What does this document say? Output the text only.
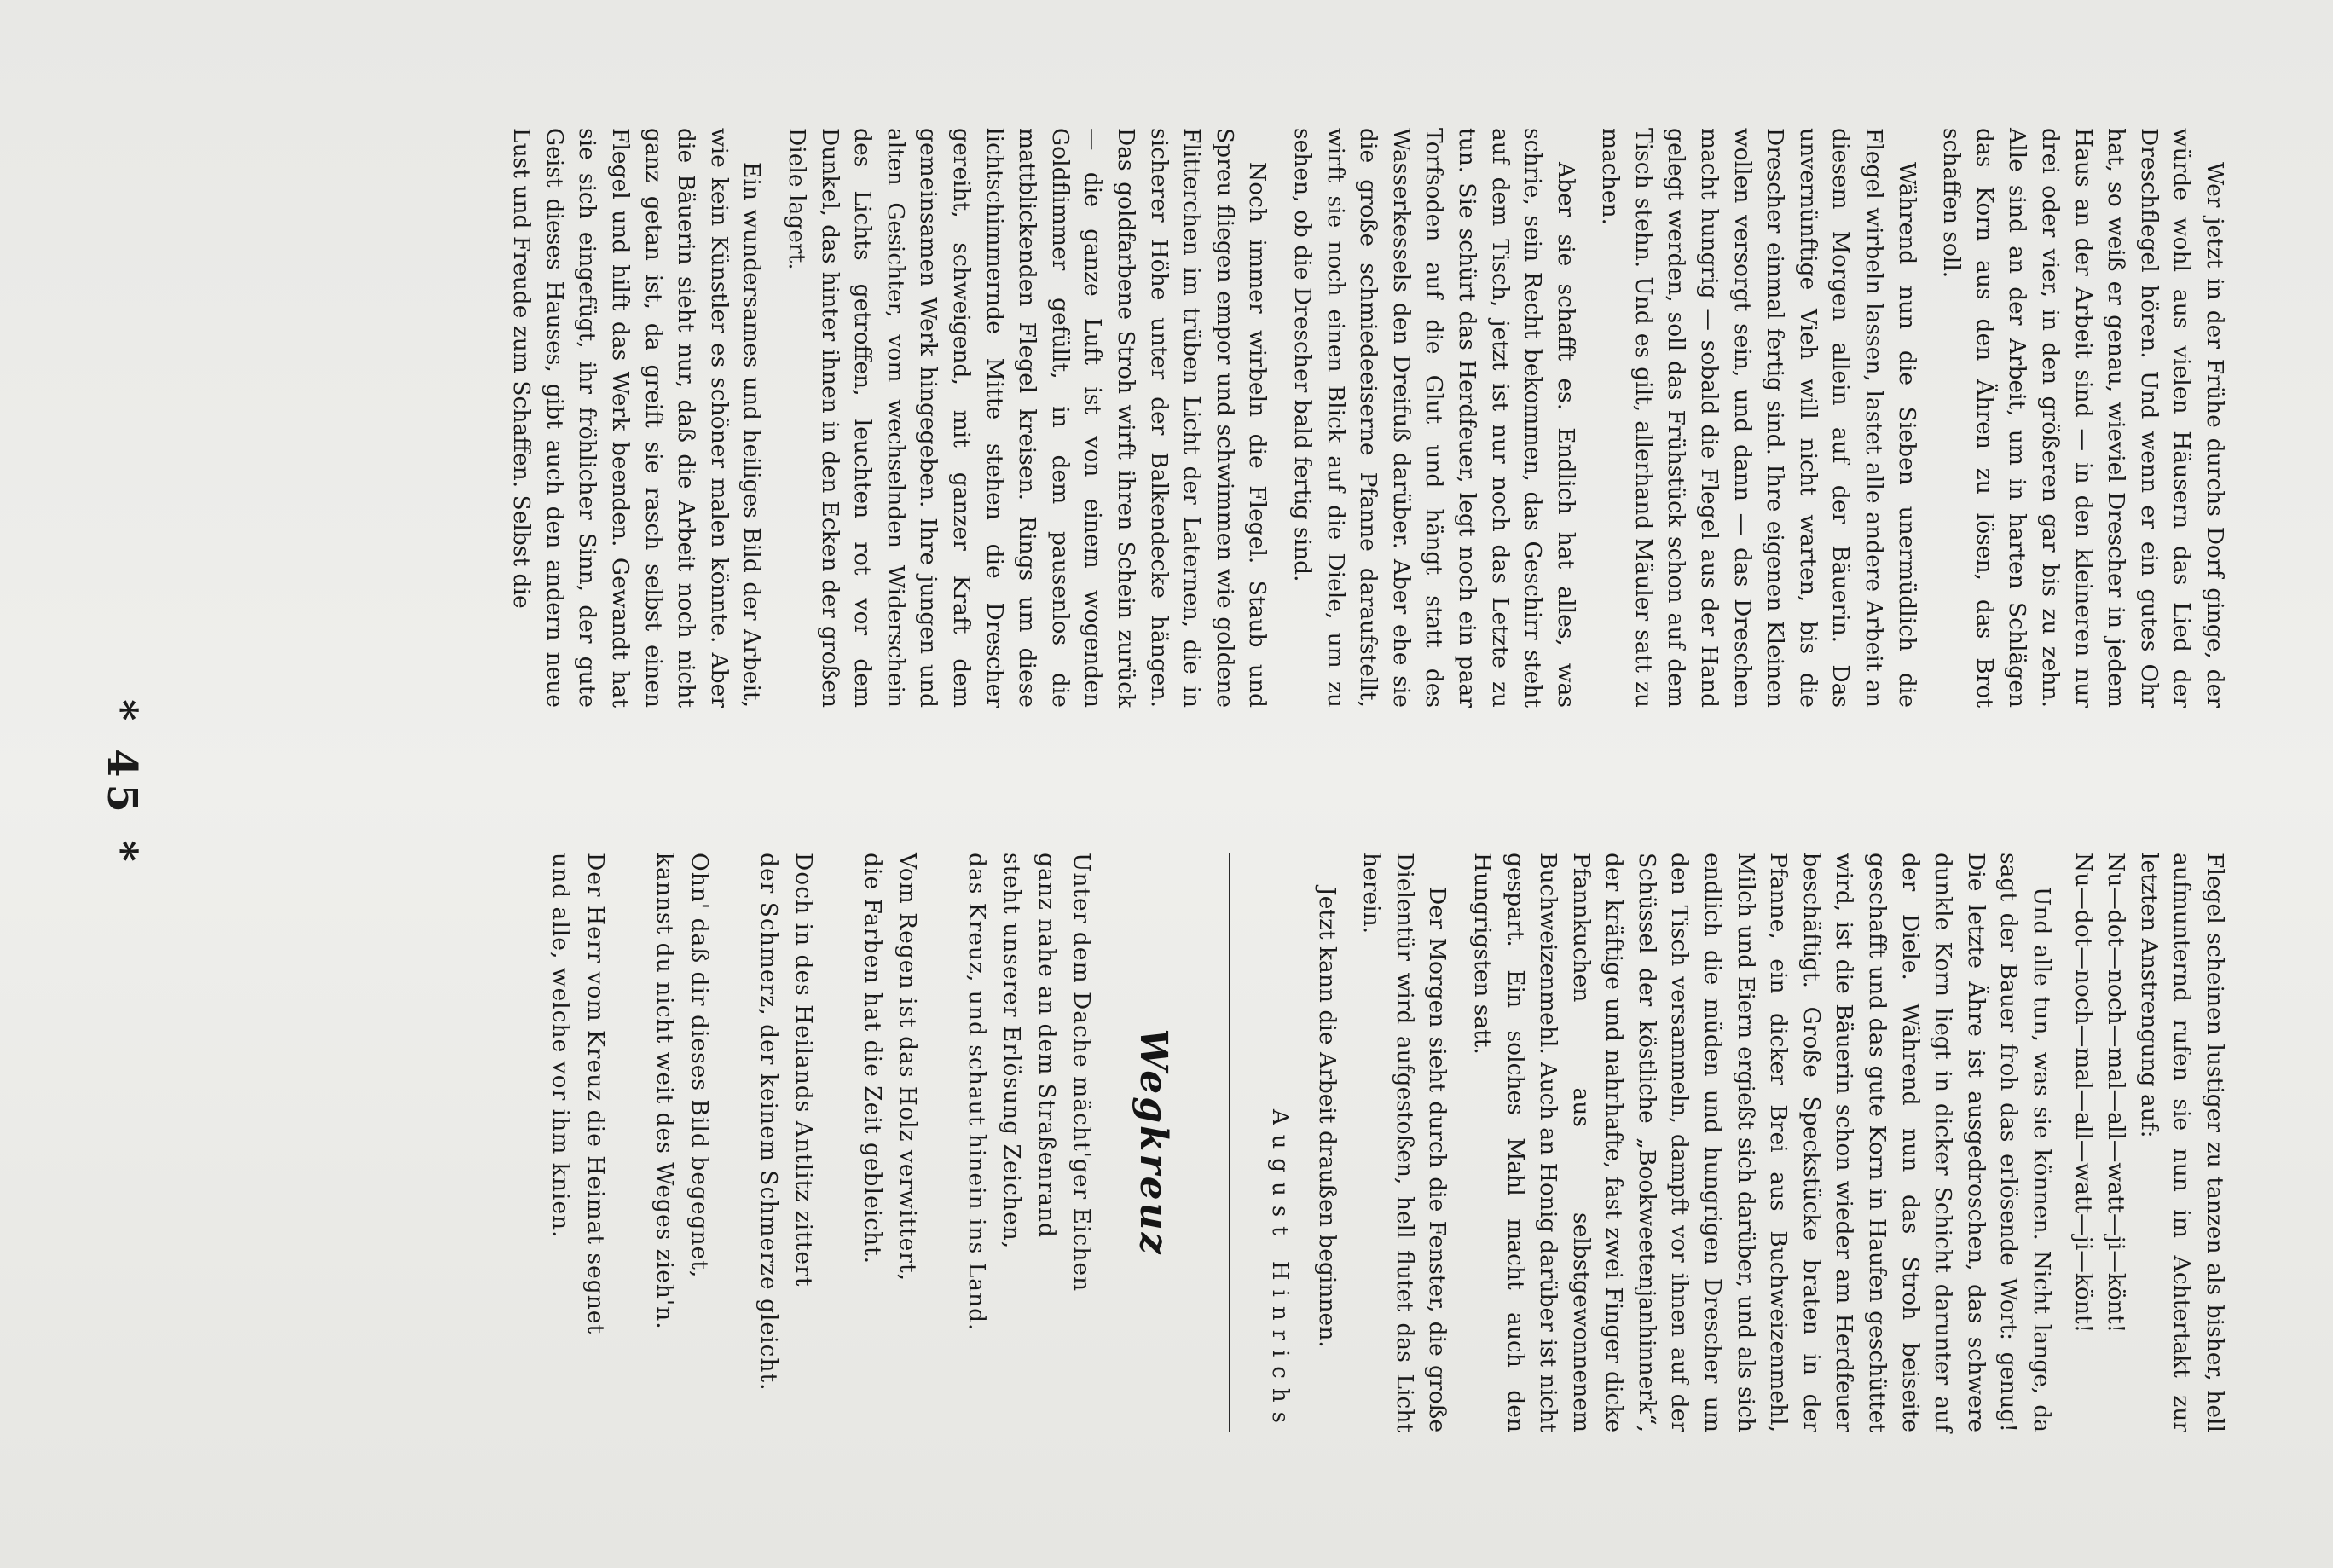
Wer jetzt in der Frühe durchs Dorf ginge, der würde wohl aus vielen Häusern das Lied der Dreschflegel hören. Und wenn er ein gutes Ohr hat, so weiß er genau, wieviel Drescher in jedem Haus an der Arbeit sind — in den kleineren nur drei oder vier, in den größeren gar bis zu zehn. Alle sind an der Arbeit, um in harten Schlägen das Korn aus den Ähren zu lösen, das Brot schaffen soll.

Während nun die Sieben unermüdlich die Flegel wirbeln lassen, lastet alle andere Arbeit an diesem Morgen allein auf der Bäuerin. Das unvernünftige Vieh will nicht warten, bis die Drescher einmal fertig sind. Ihre eigenen Kleinen wollen versorgt sein, und dann — das Dreschen macht hungrig — sobald die Flegel aus der Hand gelegt werden, soll das Frühstück schon auf dem Tisch stehn. Und es gilt, allerhand Mäuler satt zu machen.

Aber sie schafft es. Endlich hat alles, was schrie, sein Recht bekommen, das Geschirr steht auf dem Tisch, jetzt ist nur noch das Letzte zu tun. Sie schürt das Herdfeuer, legt noch ein paar Torfsoden auf die Glut und hängt statt des Wasserkessels den Dreifuß darüber. Aber ehe sie die große schmiedeeiserne Pfanne daraufstellt, wirft sie noch einen Blick auf die Diele, um zu sehen, ob die Drescher bald fertig sind.

Noch immer wirbeln die Flegel. Staub und Spreu fliegen empor und schwimmen wie goldene Flitterchen im trüben Licht der Laternen, die in sicherer Höhe unter der Balkendecke hängen. Das goldfarbene Stroh wirft ihren Schein zurück — die ganze Luft ist von einem wogenden Goldflimmer gefüllt, in dem pausenlos die mattblickenden Flegel kreisen. Rings um diese lichtschimmernde Mitte stehen die Drescher gereiht, schweigend, mit ganzer Kraft dem gemeinsamen Werk hingegeben. Ihre jungen und alten Gesichter, vom wechselnden Widerschein des Lichts getroffen, leuchten rot vor dem Dunkel, das hinter ihnen in den Ecken der großen Diele lagert.

Ein wundersames und heiliges Bild der Arbeit, wie kein Künstler es schöner malen könnte. Aber die Bäuerin sieht nur, daß die Arbeit noch nicht ganz getan ist, da greift sie rasch selbst einen Flegel und hilft das Werk beenden. Gewandt hat sie sich eingefügt, ihr fröhlicher Sinn, der gute Geist dieses Hauses, gibt auch den andern neue Lust und Freude zum Schaffen. Selbst die

Flegel scheinen lustiger zu tanzen als bisher, hell aufmunternd rufen sie nun im Achtertakt zur letzten Anstrengung auf:

Nu—dot—noch—mal—all—watt—ji—könt!
Nu—dot—noch—mal—all—watt—ji—könt!

Und alle tun, was sie können. Nicht lange, da sagt der Bauer froh das erlösende Wort: genug! Die letzte Ähre ist ausgedroschen, das schwere dunkle Korn liegt in dicker Schicht darunter auf der Diele. Während nun das Stroh beiseite geschafft und das gute Korn in Haufen geschüttet wird, ist die Bäuerin schon wieder am Herdfeuer beschäftigt. Große Speckstücke braten in der Pfanne, ein dicker Brei aus Buchweizenmehl, Milch und Eiern ergießt sich darüber, und als sich endlich die müden und hungrigen Drescher um den Tisch versammeln, dampft vor ihnen auf der Schüssel der köstliche „Bookweetenjanhinnerk“, der kräftige und nahrhafte, fast zwei Finger dicke Pfannkuchen aus selbstgewonnenem Buchweizenmehl. Auch an Honig darüber ist nicht gespart. Ein solches Mahl macht auch den Hungrigsten satt.

Der Morgen sieht durch die Fenster, die große Dielentür wird aufgestoßen, hell flutet das Licht herein.

Jetzt kann die Arbeit draußen beginnen.

August Hinrichs
Wegkreuz
Unter dem Dache mächt'ger Eichen
ganz nahe an dem Straßenrand
steht unserer Erlösung Zeichen,
das Kreuz, und schaut hinein ins Land.
Vom Regen ist das Holz verwittert,
die Farben hat die Zeit gebleicht.
Doch in des Heilands Antlitz zittert
der Schmerz, der keinem Schmerze gleicht.
Ohn' daß dir dieses Bild begegnet,
kannst du nicht weit des Weges zieh'n.
Der Herr vom Kreuz die Heimat segnet
und alle, welche vor ihm knien.
* 45 *
